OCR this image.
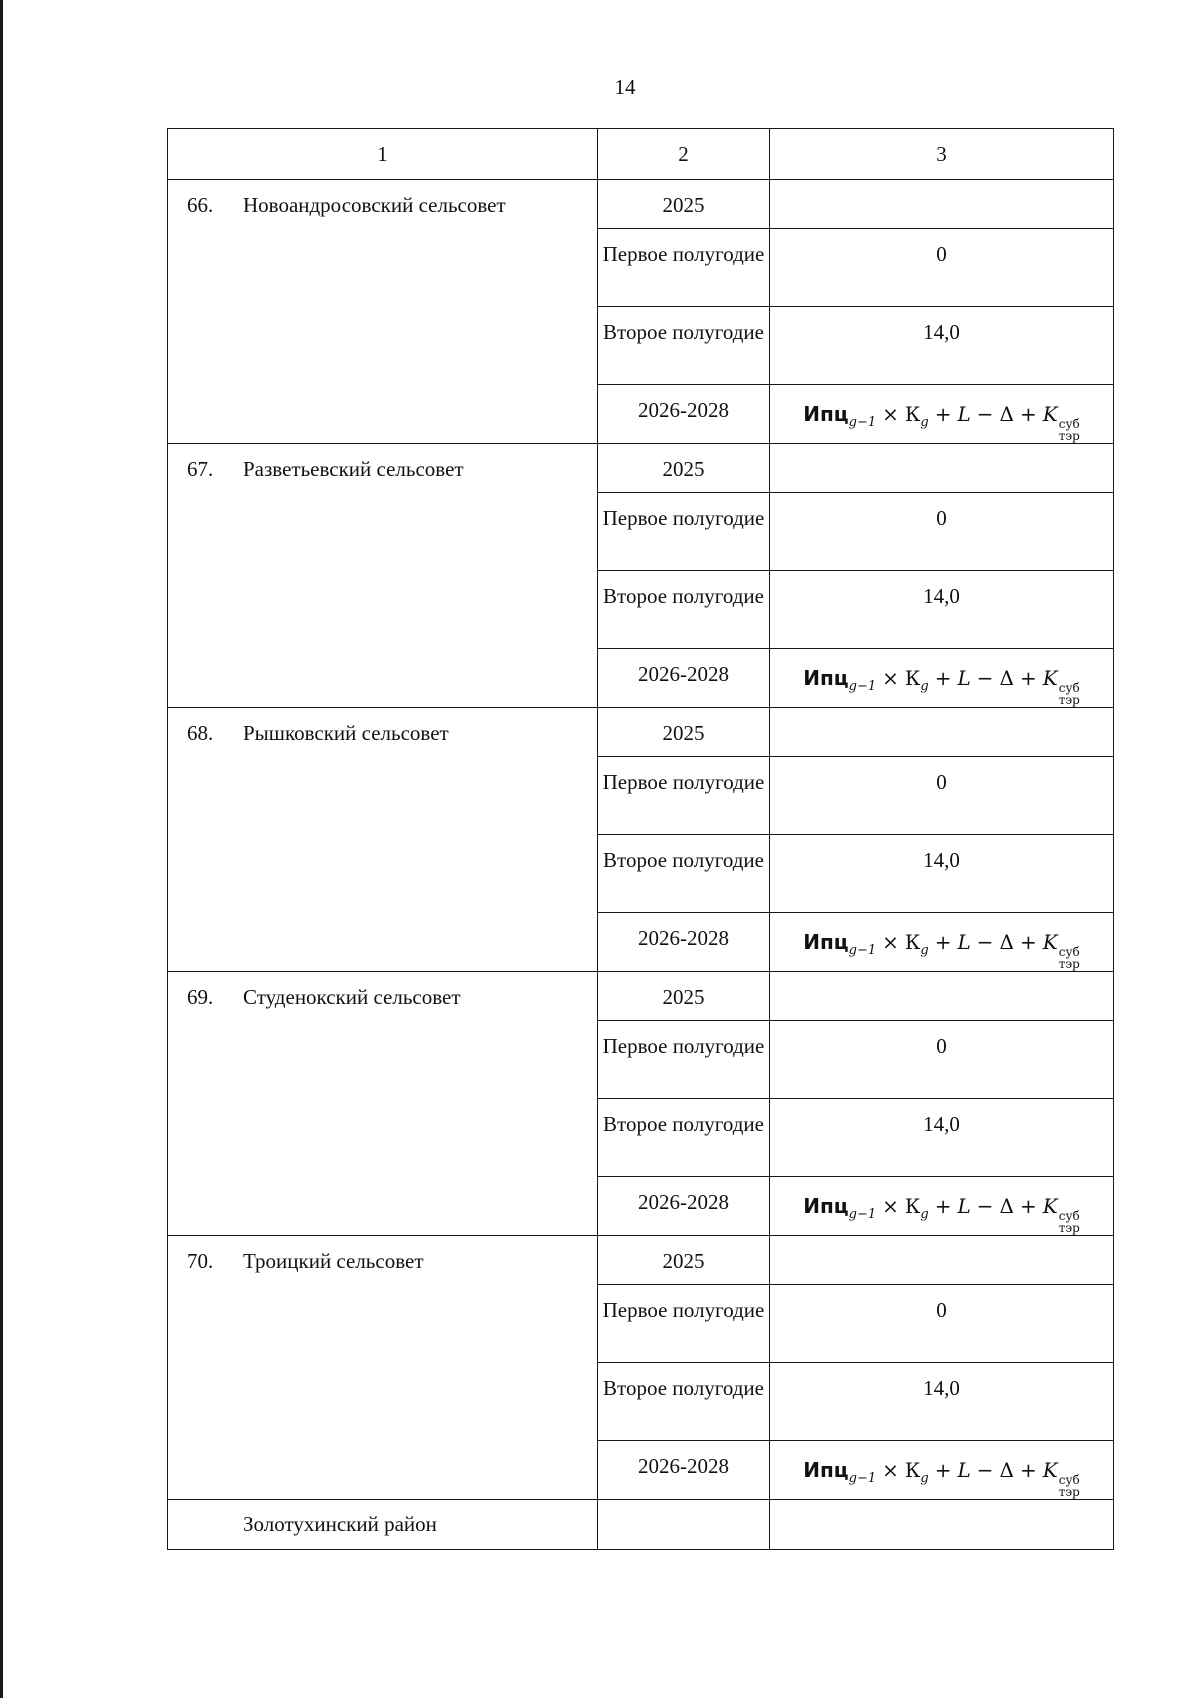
14
1	2	3
66. Новоандросовский сельсовет	2025	
	Первое полугодие	0
	Второе полугодие	14,0
	2026-2028	$Ипц_{g-1} \times К_g + L - \Delta + K$ суб
тэр

67. Разветьевский сельсовет	2025	
	Первое полугодие	0
	Второе полугодие	14,0
	2026-2028	$Ипц_{g-1} \times К_g + L - \Delta + K$ суб
тэр

68. Рышковский сельсовет	2025	
	Первое полугодие	0
	Второе полугодие	14,0
	2026-2028	$Ипц_{g-1} \times К_g + L - \Delta + K$ суб
тэр

69. Студенокский сельсовет	2025	
	Первое полугодие	0
	Второе полугодие	14,0
	2026-2028	$Ипц_{g-1} \times К_g + L - \Delta + K$ суб
тэр

70. Троицкий сельсовет	2025	
	Первое полугодие	0
	Второе полугодие	14,0
	2026-2028	$Ипц_{g-1} \times К_g + L - \Delta + K$ суб
тэр

Золотухинский район		
